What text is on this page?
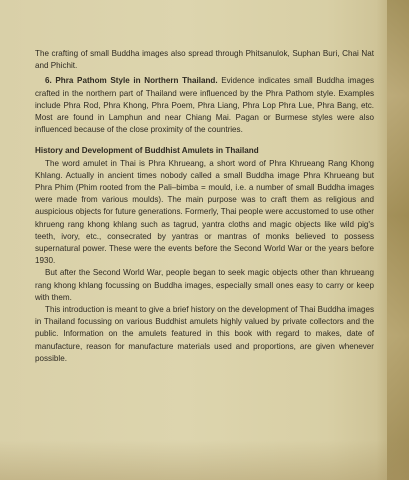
The crafting of small Buddha images also spread through Phitsanulok, Suphan Buri, Chai Nat and Phichit.

6. Phra Pathom Style in Northern Thailand. Evidence indicates small Buddha images crafted in the northern part of Thailand were influenced by the Phra Pathom style. Examples include Phra Rod, Phra Khong, Phra Poem, Phra Liang, Phra Lop Phra Lue, Phra Bang, etc. Most are found in Lamphun and near Chiang Mai. Pagan or Burmese styles were also influenced because of the close proximity of the countries.

History and Development of Buddhist Amulets in Thailand

The word amulet in Thai is Phra Khrueang, a short word of Phra Khrueang Rang Khong Khlang. Actually in ancient times nobody called a small Buddha image Phra Khrueang but Phra Phim (Phim rooted from the Pali–bimba = mould, i.e. a number of small Buddha images were made from various moulds). The main purpose was to craft them as religious and auspicious objects for future generations. Formerly, Thai people were accustomed to use other khrueng rang khong khlang such as tagrud, yantra cloths and magic objects like wild pig's teeth, ivory, etc., consecrated by yantras or mantras of monks believed to possess supernatural power. These were the events before the Second World War or the years before 1930.

But after the Second World War, people began to seek magic objects other than khrueang rang khong khlang focussing on Buddha images, especially small ones easy to carry or keep with them.

This introduction is meant to give a brief history on the development of Thai Buddha images in Thailand focussing on various Buddhist amulets highly valued by private collectors and the public. Information on the amulets featured in this book with regard to makes, date of manufacture, reason for manufacture materials used and proportions, are given whenever possible.
